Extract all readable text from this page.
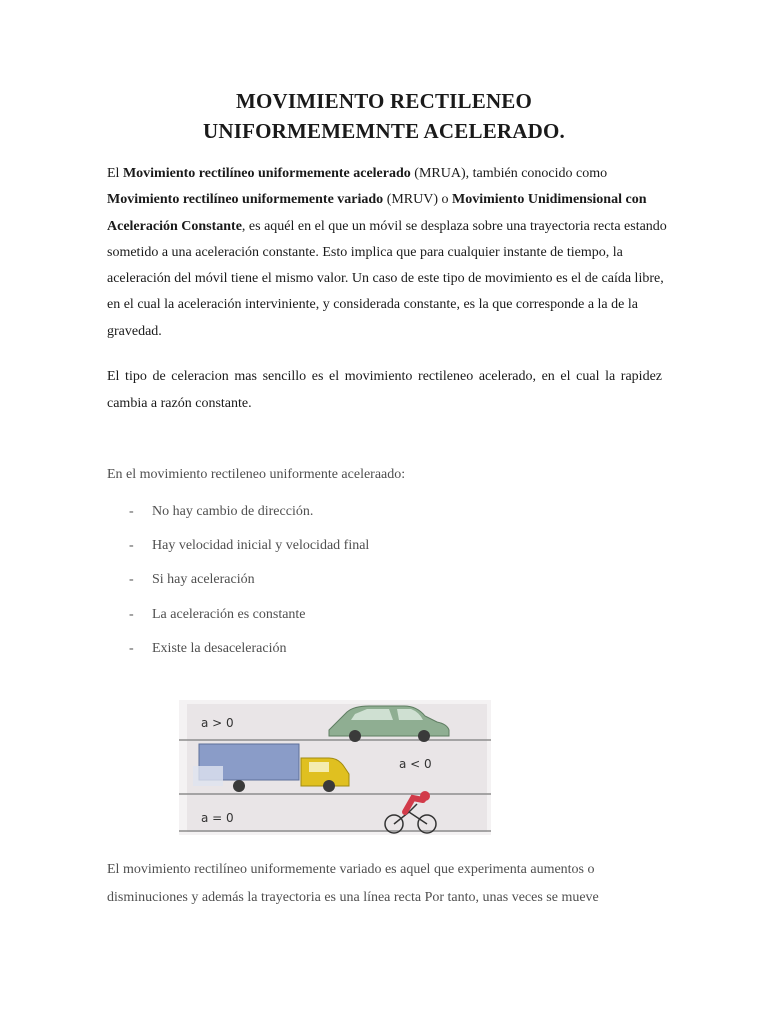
MOVIMIENTO RECTILENEO
UNIFORMEMEMNTE ACELERADO.

El Movimiento rectilíneo uniformemente acelerado (MRUA), también conocido como Movimiento rectilíneo uniformemente variado (MRUV) o Movimiento Unidimensional con Aceleración Constante, es aquél en el que un móvil se desplaza sobre una trayectoria recta estando sometido a una aceleración constante. Esto implica que para cualquier instante de tiempo, la aceleración del móvil tiene el mismo valor. Un caso de este tipo de movimiento es el de caída libre, en el cual la aceleración interviniente, y considerada constante, es la que corresponde a la de la gravedad.

El tipo de celeracion mas sencillo es el movimiento rectileneo acelerado, en el cual la rapidez cambia a razón constante.

En el movimiento rectileneo uniformente aceleraado:

- No hay cambio de dirección.
- Hay velocidad inicial y velocidad final
- Si hay aceleración
- La aceleración es constante
- Existe la desaceleración
a > 0
a < 0
a = 0

El movimiento rectilíneo uniformemente variado es aquel que experimenta aumentos o disminuciones y además la trayectoria es una línea recta Por tanto, unas veces se mueve
